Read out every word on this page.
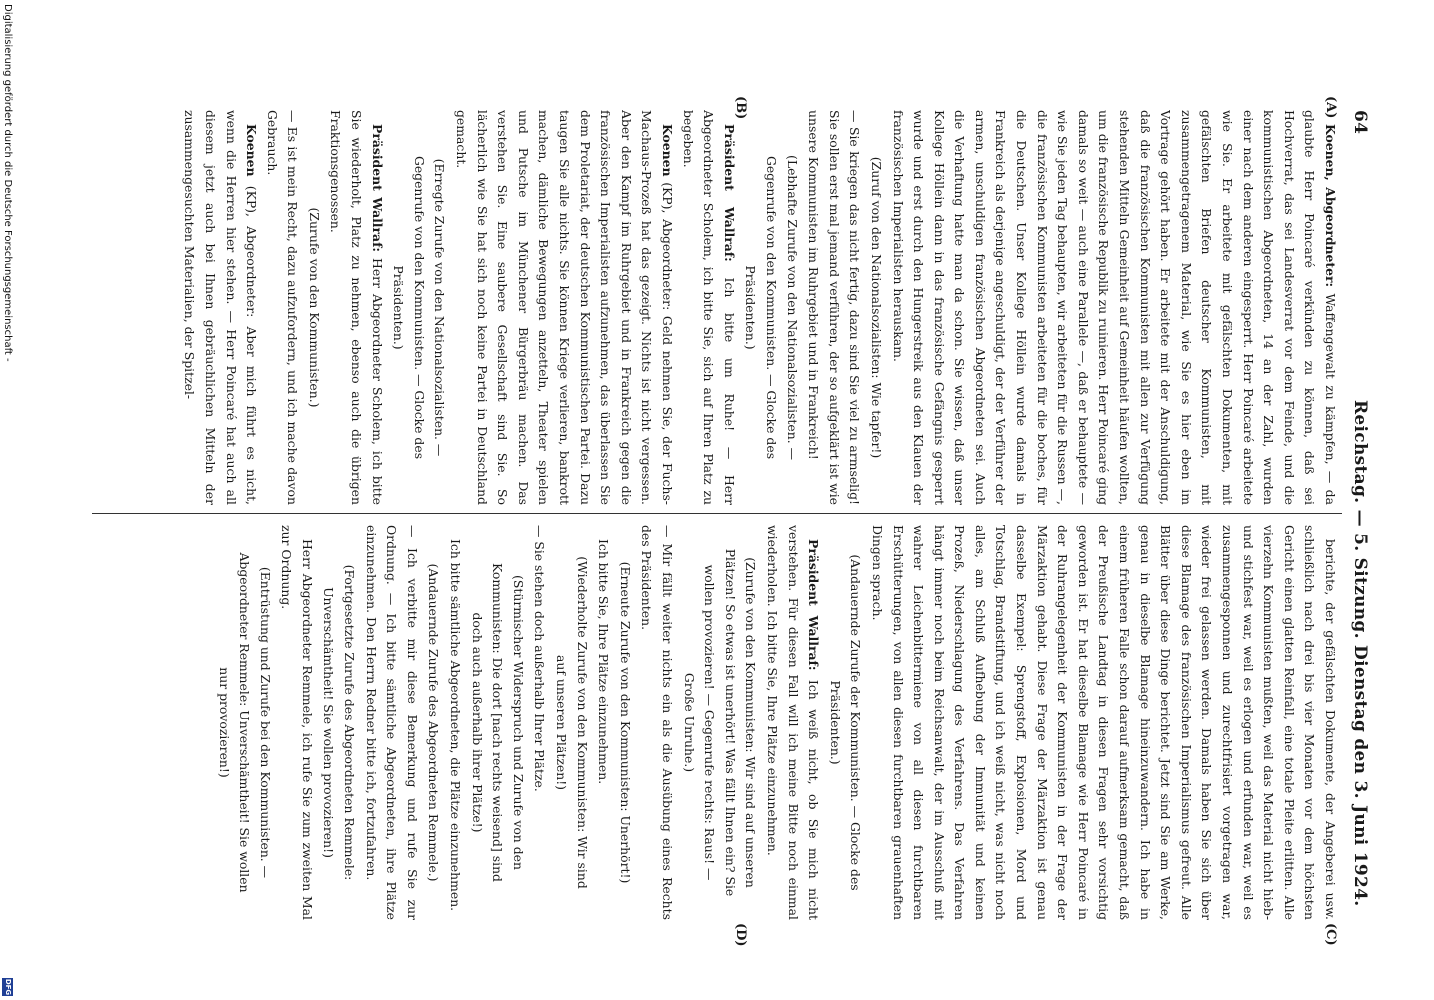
64
Reichstag. — 5. Sitzung. Dienstag den 3. Juni 1924.
(A)
(B)
(C)
(D)

Koenen, Abgeordneter: Waffengewalt zu kämpfen, — da glaubte Herr Poincaré verkünden zu können, daß sei Hochverrat, das sei Landesverrat vor dem Feinde, und die kommunistischen Abgeordneten, 14 an der Zahl, wurden einer nach dem anderen eingesperrt. Herr Poincaré arbeitete wie Sie. Er arbeitete mit gefälschten Dokumenten, mit gefälschten Briefen deutscher Kommunisten, mit zusammengetragenem Material, wie Sie es hier eben im Vortrage gehört haben. Er arbeitete mit der Anschuldigung, daß die französischen Kommunisten mit allen zur Verfügung stehenden Mitteln Gemeinheit auf Gemeinheit häufen wollten, um die französische Republik zu ruinieren. Herr Poincaré ging damals so weit — auch eine Parallele —, daß er behauptete — wie Sie jeden Tag behaupten, wir arbeiteten für die Russen —, die französischen Kommunisten arbeiteten für die boches, für die Deutschen. Unser Kollege Höllein wurde damals in Frankreich als derjenige angeschuldigt, der der Verführer der armen, unschuldigen französischen Abgeordneten sei. Auch die Verhaftung hatte man da schon. Sie wissen, daß unser Kollege Höllein dann in das französische Gefängnis gesperrt wurde und erst durch den Hungerstreik aus den Klauen der französischen Imperialisten herauskam.

(Zuruf von den Nationalsozialisten: Wie tapfer!)

— Sie kriegen das nicht fertig, dazu sind Sie viel zu armselig! Sie sollen erst mal jemand verführen, der so aufgeklärt ist wie unsere Kommunisten im Ruhrgebiet und in Frankreich!

(Lebhafte Zurufe von den Nationalsozialisten. — Gegenrufe von den Kommunisten. — Glocke des Präsidenten.)

Präsident Wallraf: Ich bitte um Ruhe! — Herr Abgeordneter Scholem, ich bitte Sie, sich auf Ihren Platz zu begeben.

Koenen (KP), Abgeordneter: Geld nehmen Sie, der Fuchs-Machaus-Prozeß hat das gezeigt. Nichts ist nicht vergessen. Aber den Kampf im Ruhrgebiet und in Frankreich gegen die französischen Imperialisten aufzunehmen, das überlassen Sie dem Proletariat, der deutschen Kommunistischen Partei. Dazu taugen Sie alle nichts. Sie können Kriege verlieren, bankrott machen, dämliche Bewegungen anzetteln, Theater spielen und Putsche im Münchener Bürgerbräu machen. Das verstehen Sie. Eine saubere Gesellschaft sind Sie. So lächerlich wie Sie hat sich noch keine Partei in Deutschland gemacht.

(Erregte Zurufe von den Nationalsozialisten. — Gegenrufe von den Kommunisten. — Glocke des Präsidenten.)

Präsident Wallraf: Herr Abgeordneter Scholem, ich bitte Sie wiederholt, Platz zu nehmen, ebenso auch die übrigen Fraktionsgenossen.

(Zurufe von den Kommunisten.)

— Es ist mein Recht, dazu aufzufordern, und ich mache davon Gebrauch.

Koenen (KP), Abgeordneter: Aber mich führt es nicht, wenn die Herren hier stehen. — Herr Poincaré hat auch all diesem jetzt auch bei Ihnen gebräuchlichen Mitteln der zusammengesuchten Materialien, der Spitzel-

berichte, der gefälschten Dokumente, der Angeberei usw. schließlich nach drei bis vier Monaten vor dem höchsten Gericht einen glatten Reinfall, eine totale Pleite erlitten. Alle vierzehn Kommunisten mußten, weil das Material nicht hieb- und stichfest war, weil es erlogen und erfunden war, weil es zusammengesponnen und zurechtfrisiert vorgetragen war, wieder frei gelassen werden. Damals haben Sie sich über diese Blamage des französischen Imperialismus gefreut. Alle Blätter über diese Dinge berichtet. Jetzt sind Sie am Werke, genau in dieselbe Blamage hineinzuwandern. Ich habe in einem früheren Falle schon darauf aufmerksam gemacht, daß der Preußische Landtag in diesen Fragen sehr vorsichtig geworden ist. Er hat dieselbe Blamage wie Herr Poincaré in der Ruhrangelegenheit der Kommunisten in der Frage der Märzaktion gehabt. Diese Frage der Märzaktion ist genau dasselbe Exempel: Sprengstoff, Explosionen, Mord und Totschlag, Brandstiftung, und ich weiß nicht, was nicht noch alles, am Schluß Aufhebung der Immunität und keinen Prozeß, Niederschlagung des Verfahrens. Das Verfahren hängt immer noch beim Reichsanwalt, der im Ausschuß mit wahrer Leichenbittermiene von all diesen furchtbaren Erschütterungen, von allen diesen furchtbaren grauenhaften Dingen sprach.

(Andauernde Zurufe der Kommunisten. — Glocke des Präsidenten.)

Präsident Wallraf: Ich weiß nicht, ob Sie mich nicht verstehen. Für diesen Fall will ich meine Bitte noch einmal wiederholen. Ich bitte Sie, Ihre Plätze einzunehmen.

(Zurufe von den Kommunisten: Wir sind auf unseren Plätzen! So etwas ist unerhört! Was fällt Ihnen ein? Sie wollen provozieren! — Gegenrufe rechts: Raus! — Große Unruhe.)

— Mir fällt weiter nichts ein als die Ausübung eines Rechts des Präsidenten.

(Erneute Zurufe von den Kommunisten: Unerhört!)

Ich bitte Sie, Ihre Plätze einzunehmen.

(Wiederholte Zurufe von den Kommunisten: Wir sind auf unseren Plätzen!)

— Sie stehen doch außerhalb Ihrer Plätze.

(Stürmischer Widerspruch und Zurufe von den Kommunisten: Die dort [nach rechts weisend] sind doch auch außerhalb ihrer Plätze!)

Ich bitte sämtliche Abgeordneten, die Plätze einzunehmen.

(Andauernde Zurufe des Abgeordneten Remmele.)

— Ich verbitte mir diese Bemerkung und rufe Sie zur Ordnung. — Ich bitte sämtliche Abgeordneten, ihre Plätze einzunehmen. Den Herrn Redner bitte ich, fortzufahren.

(Fortgesetzte Zurufe des Abgeordneten Remmele: Unverschämtheit! Sie wollen provozieren!)

Herr Abgeordneter Remmele, ich rufe Sie zum zweiten Mal zur Ordnung.

(Entrüstung und Zurufe bei den Kommunisten. — Abgeordneter Remmele: Unverschämtheit! Sie wollen nur provozieren!)

Digitalisierung gefördert durch die Deutsche Forschungsgemeinschaft -
DFG
